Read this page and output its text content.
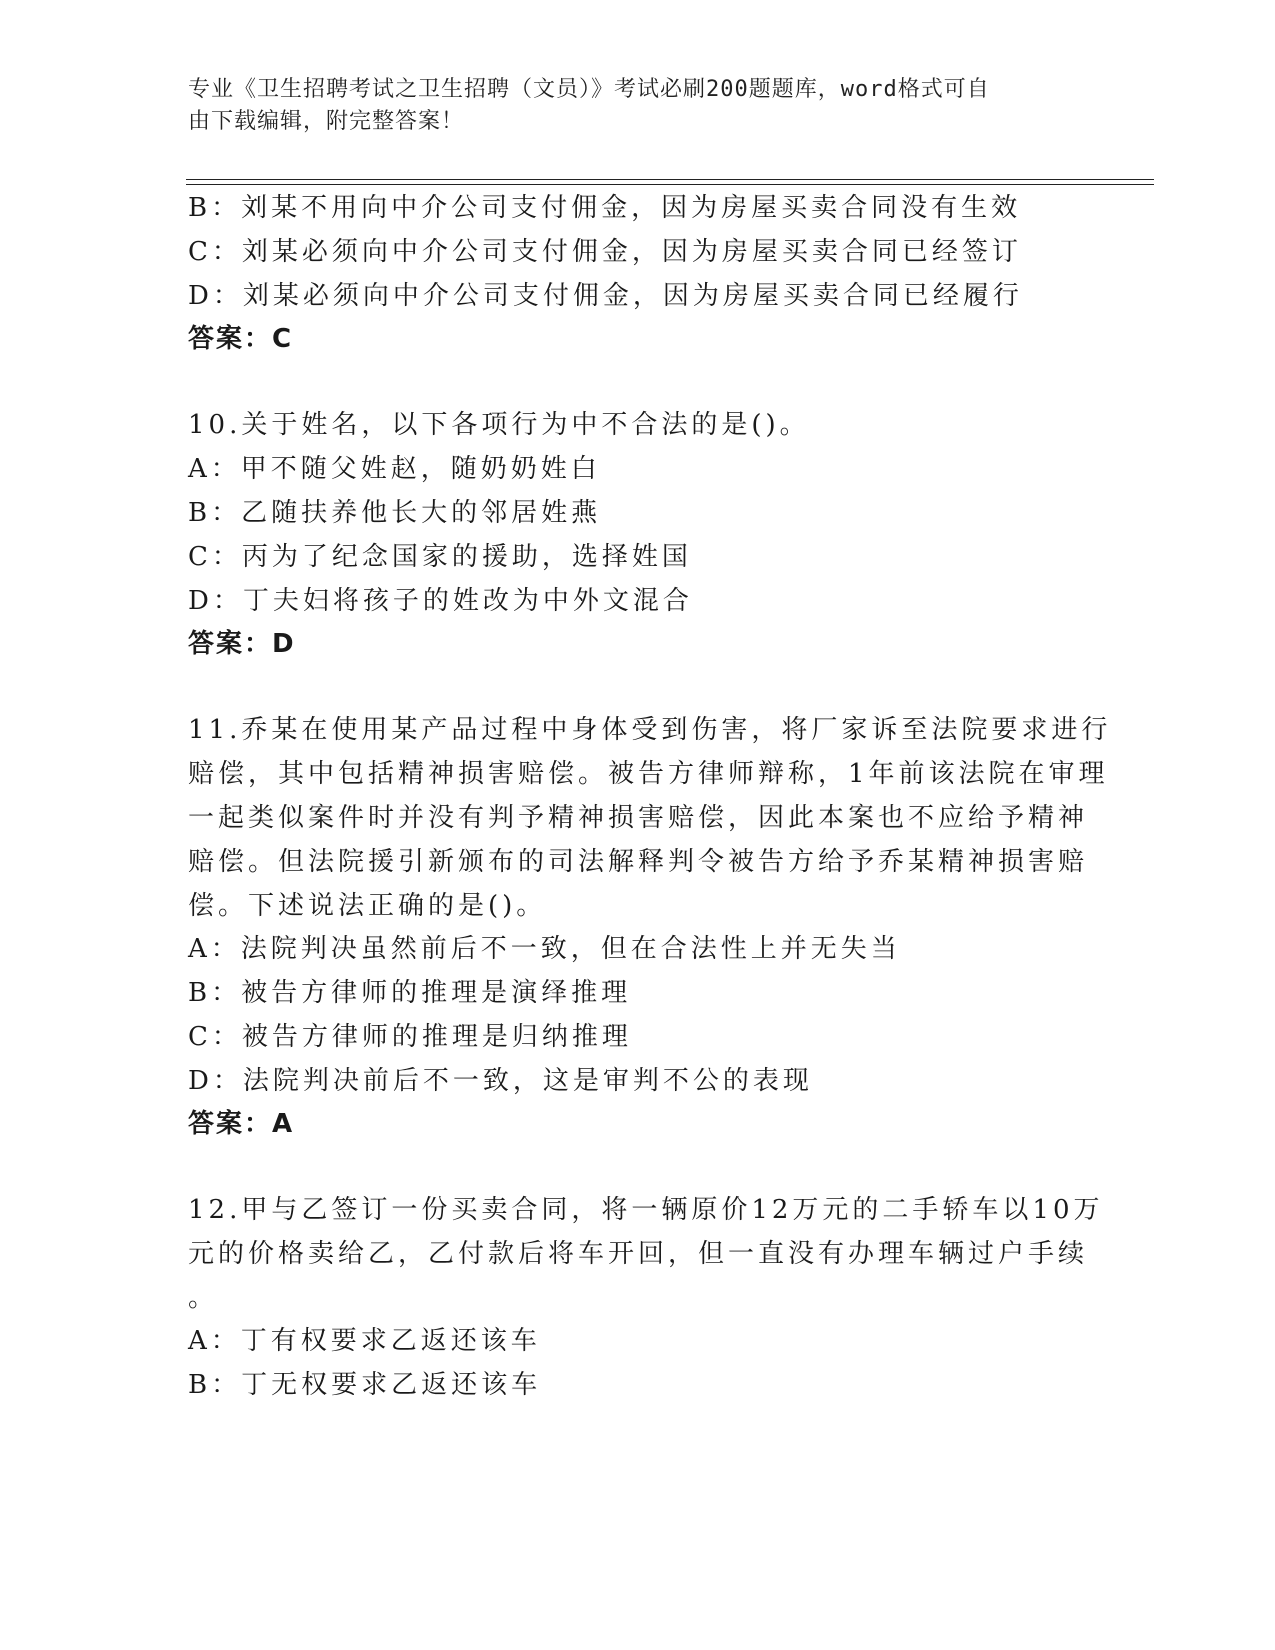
专业《卫生招聘考试之卫生招聘（文员）》考试必刷200题题库，word格式可自
由下载编辑，附完整答案！
B：刘某不用向中介公司支付佣金，因为房屋买卖合同没有生效
C：刘某必须向中介公司支付佣金，因为房屋买卖合同已经签订
D：刘某必须向中介公司支付佣金，因为房屋买卖合同已经履行
答案：C
10.关于姓名，以下各项行为中不合法的是()。
A：甲不随父姓赵，随奶奶姓白
B：乙随扶养他长大的邻居姓燕
C：丙为了纪念国家的援助，选择姓国
D：丁夫妇将孩子的姓改为中外文混合
答案：D
11.乔某在使用某产品过程中身体受到伤害，将厂家诉至法院要求进行
赔偿，其中包括精神损害赔偿。被告方律师辩称，1年前该法院在审理
一起类似案件时并没有判予精神损害赔偿，因此本案也不应给予精神
赔偿。但法院援引新颁布的司法解释判令被告方给予乔某精神损害赔
偿。下述说法正确的是()。
A：法院判决虽然前后不一致，但在合法性上并无失当
B：被告方律师的推理是演绎推理
C：被告方律师的推理是归纳推理
D：法院判决前后不一致，这是审判不公的表现
答案：A
12.甲与乙签订一份买卖合同，将一辆原价12万元的二手轿车以10万
元的价格卖给乙，乙付款后将车开回，但一直没有办理车辆过户手续
。
A：丁有权要求乙返还该车
B：丁无权要求乙返还该车
